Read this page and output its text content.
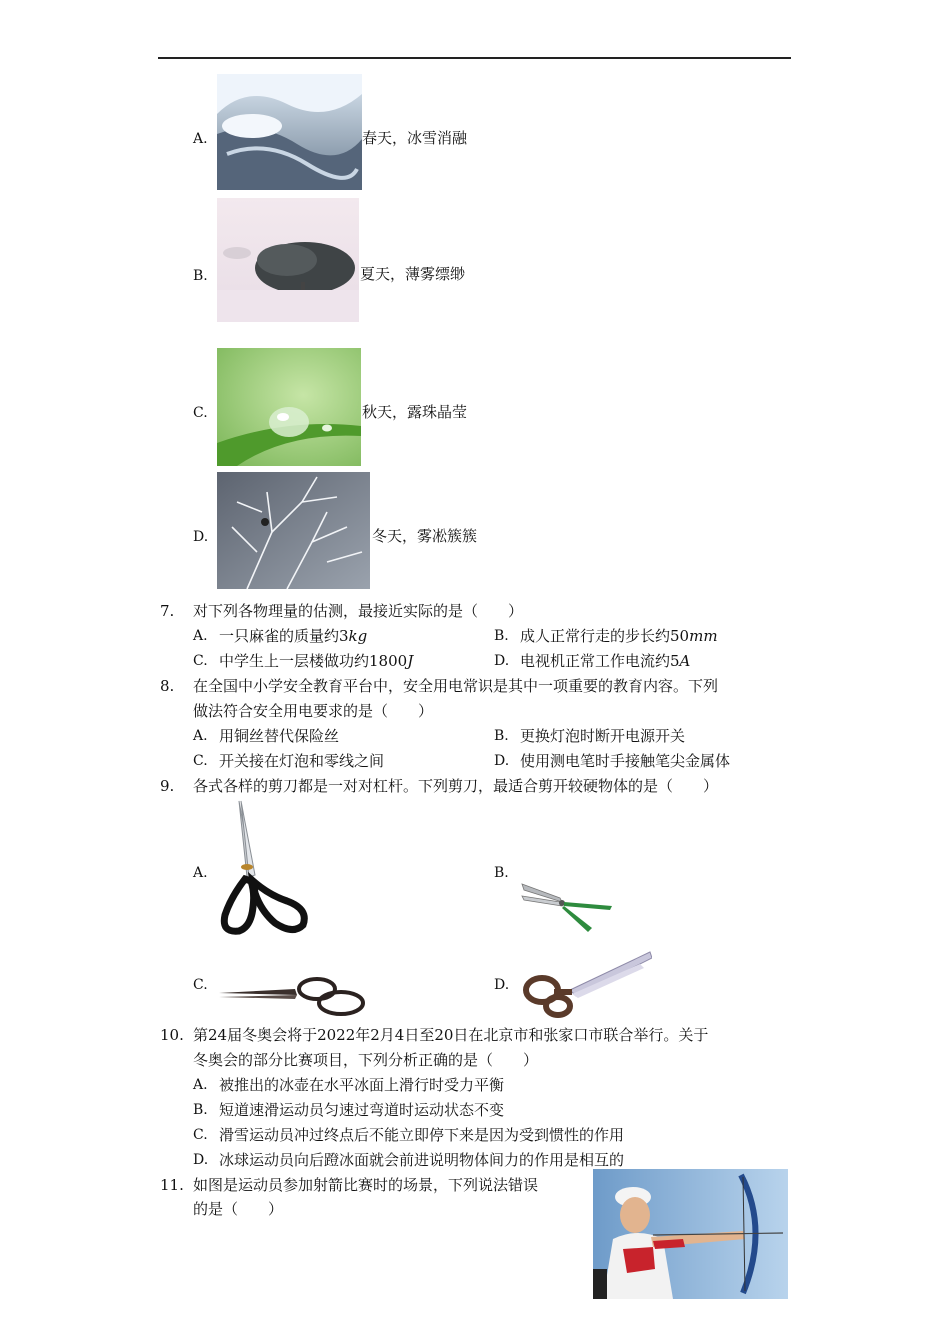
A.	春天，冰雪消融
B.	夏天，薄雾缥缈
C.	秋天，露珠晶莹
D.	冬天，雾凇簇簇
7. 对下列各物理量的估测，最接近实际的是（　　）
A. 一只麻雀的质量约3kg	B. 成人正常行走的步长约50mm
C. 中学生上一层楼做功约1800J	D. 电视机正常工作电流约5A
8. 在全国中小学安全教育平台中，安全用电常识是其中一项重要的教育内容。下列
做法符合安全用电要求的是（　　）
A. 用铜丝替代保险丝	B. 更换灯泡时断开电源开关
C. 开关接在灯泡和零线之间	D. 使用测电笔时手接触笔尖金属体
9. 各式各样的剪刀都是一对对杠杆。下列剪刀，最适合剪开较硬物体的是（　　）
A.	B.
C.	D.
10. 第24届冬奥会将于2022年2月4日至20日在北京市和张家口市联合举行。关于
冬奥会的部分比赛项目，下列分析正确的是（　　）
A. 被推出的冰壶在水平冰面上滑行时受力平衡
B. 短道速滑运动员匀速过弯道时运动状态不变
C. 滑雪运动员冲过终点后不能立即停下来是因为受到惯性的作用
D. 冰球运动员向后蹬冰面就会前进说明物体间力的作用是相互的
11. 如图是运动员参加射箭比赛时的场景，下列说法错误
的是（　　）
